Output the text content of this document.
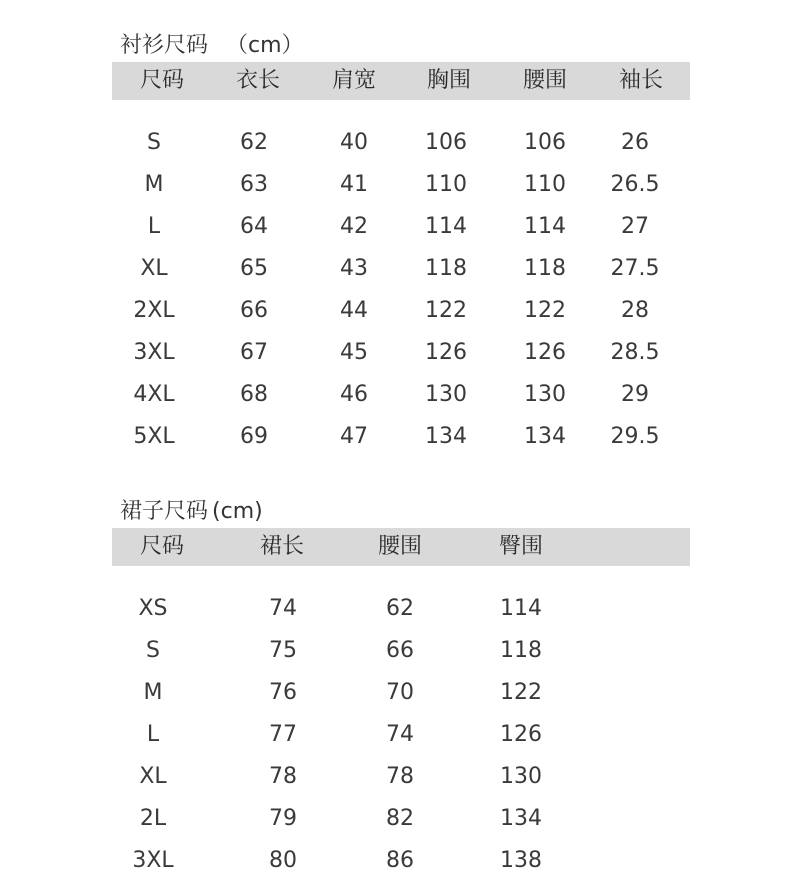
衬衫尺码 （cm）
尺码	衣长	肩宽	胸围	腰围	袖长
S	62	40	106	106	26
M	63	41	110	110	26.5
L	64	42	114	114	27
XL	65	43	118	118	27.5
2XL	66	44	122	122	28
3XL	67	45	126	126	28.5
4XL	68	46	130	130	29
5XL	69	47	134	134	29.5
裙子尺码 (cm)
尺码	裙长	腰围	臀围
XS	74	62	114
S	75	66	118
M	76	70	122
L	77	74	126
XL	78	78	130
2L	79	82	134
3XL	80	86	138
